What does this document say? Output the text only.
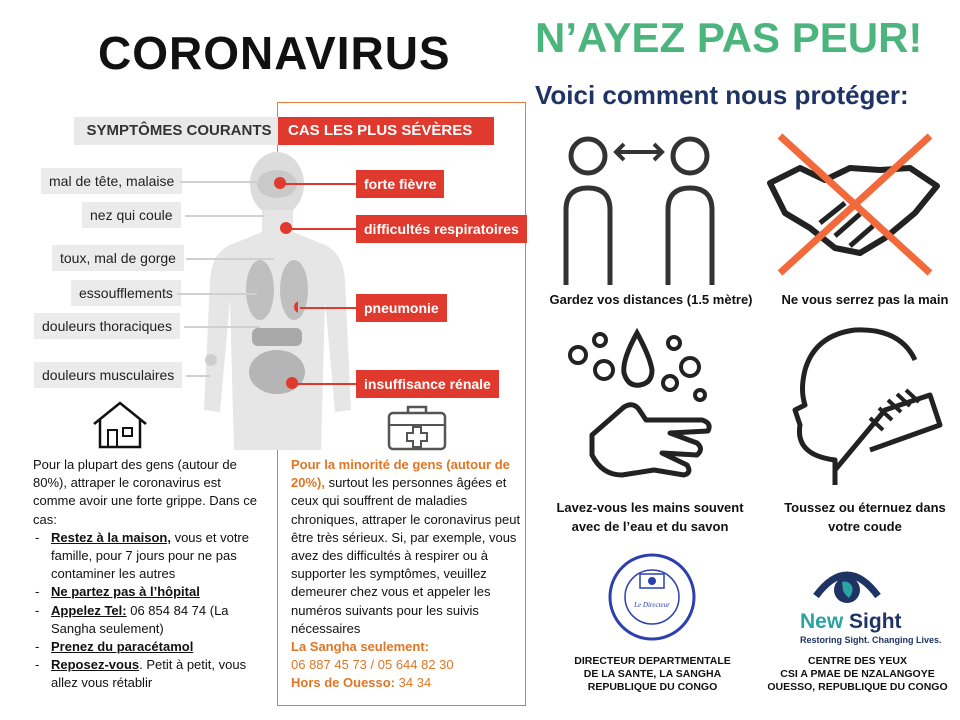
CORONAVIRUS N’AYEZ PAS PEUR!
Voici comment nous protéger:
SYMPTÔMES COURANTS	CAS LES PLUS SÉVÈRES
mal de tête, malaise
nez qui coule
toux, mal de gorge
essoufflements
douleurs thoraciques
douleurs musculaires
forte fièvre
difficultés respiratoires
pneumonie
insuffisance rénale
Pour la plupart des gens (autour de 80%), attraper le coronavirus est comme avoir une forte grippe. Dans ce cas:
- Restez à la maison, vous et votre famille, pour 7 jours pour ne pas contaminer les autres
- Ne partez pas à l’hôpital
- Appelez Tel: 06 854 84 74 (La Sangha seulement)
- Prenez du paracétamol
- Reposez-vous. Petit à petit, vous allez vous rétablir
Pour la minorité de gens (autour de 20%), surtout les personnes âgées et ceux qui souffrent de maladies chroniques, attraper le coronavirus peut être très sérieux. Si, par exemple, vous avez des difficultés à respirer ou à supporter les symptômes, veuillez demeurer chez vous et appeler les numéros suivants pour les suivis nécessaires
La Sangha seulement:
06 887 45 73 / 05 644 82 30
Hors de Ouesso: 34 34
Gardez vos distances (1.5 mètre)	Ne vous serrez pas la main
Lavez-vous les mains souvent avec de l’eau et du savon
Toussez ou éternuez dans votre coude
Le Directeur
New Sight
Restoring Sight. Changing Lives.
DIRECTEUR DEPARTMENTALE
DE LA SANTE, LA SANGHA
REPUBLIQUE DU CONGO
CENTRE DES YEUX
CSI A PMAE DE NZALANGOYE
OUESSO, REPUBLIQUE DU CONGO
